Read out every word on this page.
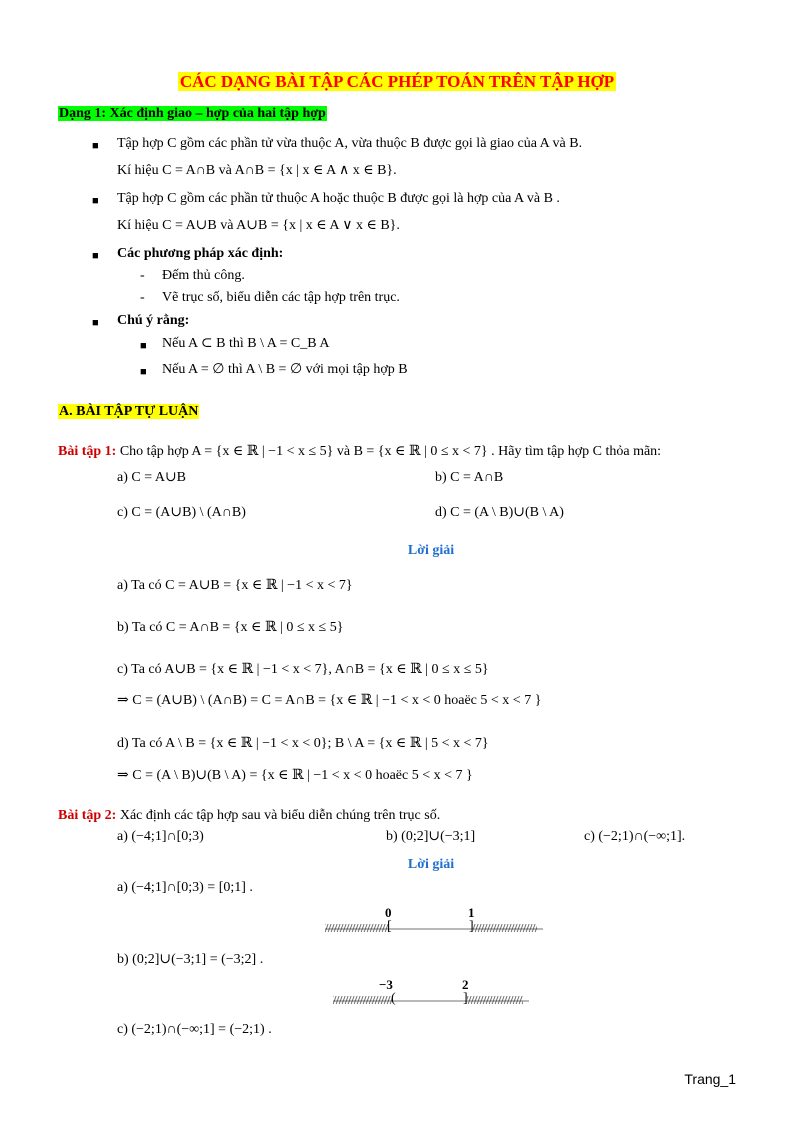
CÁC DẠNG BÀI TẬP CÁC PHÉP TOÁN TRÊN TẬP HỢP
Dạng 1: Xác định giao – hợp của hai tập hợp
■ Tập hợp C gồm các phần tử vừa thuộc A, vừa thuộc B được gọi là giao của A và B.
Kí hiệu C = A∩B và A∩B = {x | x ∈ A ∧ x ∈ B}.
■ Tập hợp C gồm các phần tử thuộc A hoặc thuộc B được gọi là hợp của A và B .
Kí hiệu C = A∪B và A∪B = {x | x ∈ A ∨ x ∈ B}.
■ Các phương pháp xác định:
- Đếm thủ công.
- Vẽ trục số, biểu diễn các tập hợp trên trục.
■ Chú ý rằng:
■ Nếu A ⊂ B thì B \ A = C_B A
■ Nếu A = ∅ thì A \ B = ∅ với mọi tập hợp B
A. BÀI TẬP TỰ LUẬN
Bài tập 1: Cho tập hợp A = {x ∈ ℝ | −1 < x ≤ 5} và B = {x ∈ ℝ | 0 ≤ x < 7} . Hãy tìm tập hợp C thỏa mãn:
a) C = A∪B	b) C = A∩B
c) C = (A∪B) \ (A∩B)	d) C = (A \ B)∪(B \ A)
Lời giải
a) Ta có C = A∪B = {x ∈ ℝ | −1 < x < 7}
b) Ta có C = A∩B = {x ∈ ℝ | 0 ≤ x ≤ 5}
c) Ta có A∪B = {x ∈ ℝ | −1 < x < 7}, A∩B = {x ∈ ℝ | 0 ≤ x ≤ 5}
⇒ C = (A∪B) \ (A∩B) = C = A∩B = {x ∈ ℝ | −1 < x < 0 hoaëc 5 < x < 7 }
d) Ta có A \ B = {x ∈ ℝ | −1 < x < 0}; B \ A = {x ∈ ℝ | 5 < x < 7}
⇒ C = (A \ B)∪(B \ A) = {x ∈ ℝ | −1 < x < 0 hoaëc 5 < x < 7 }
Bài tập 2: Xác định các tập hợp sau và biểu diễn chúng trên trục số.
a) (−4;1]∩[0;3)	b) (0;2]∪(−3;1]	c) (−2;1)∩(−∞;1].
Lời giải
a) (−4;1]∩[0;3) = [0;1] .
0	1
[	]
b) (0;2]∪(−3;1] = (−3;2] .
−3	2
(	]
c) (−2;1)∩(−∞;1] = (−2;1) .
Trang_1
